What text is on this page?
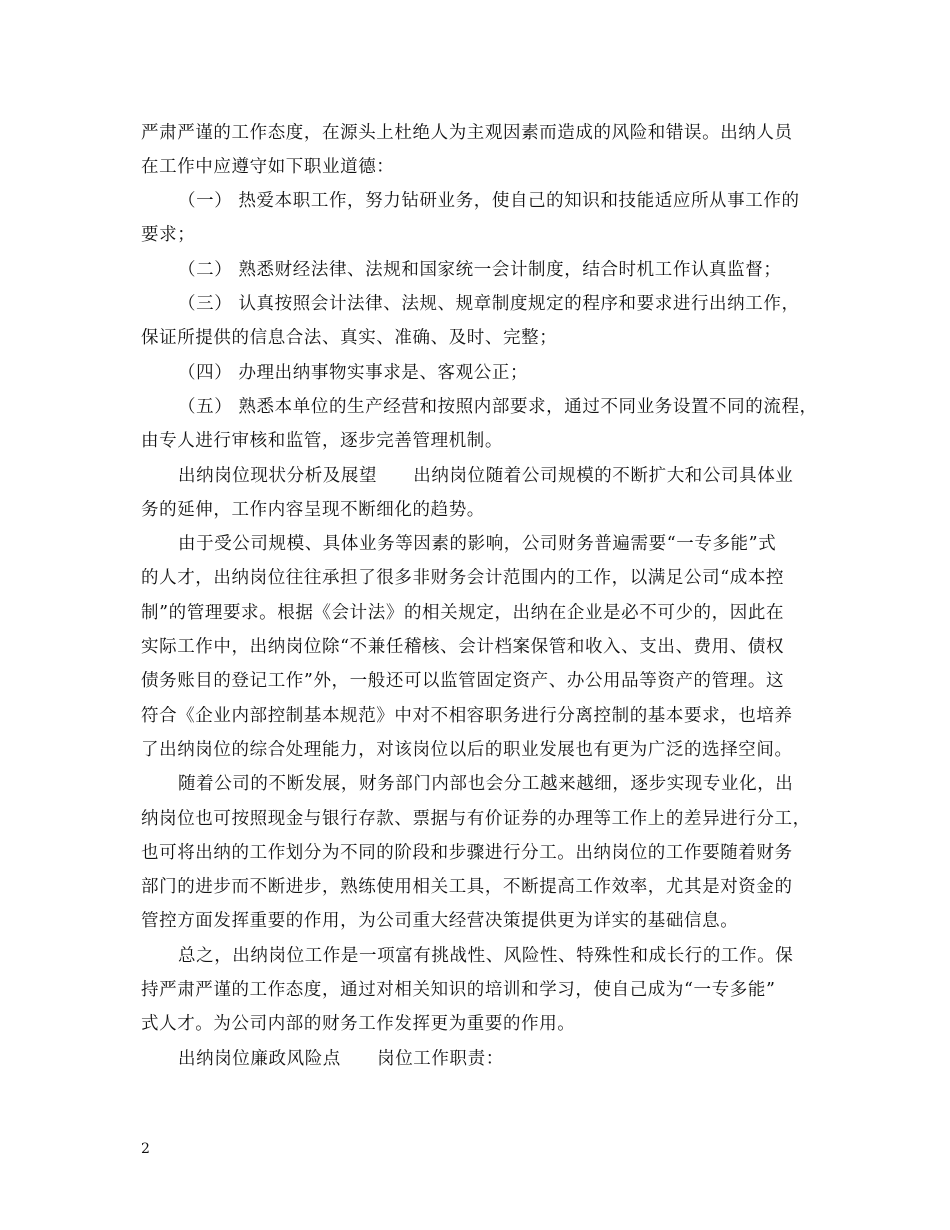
严肃严谨的工作态度，在源头上杜绝人为主观因素而造成的风险和错误。出纳人员
在工作中应遵守如下职业道德：
（一） 热爱本职工作，努力钻研业务，使自己的知识和技能适应所从事工作的
要求；
（二） 熟悉财经法律、法规和国家统一会计制度，结合时机工作认真监督；
（三） 认真按照会计法律、法规、规章制度规定的程序和要求进行出纳工作，
保证所提供的信息合法、真实、准确、及时、完整；
（四） 办理出纳事物实事求是、客观公正；
（五） 熟悉本单位的生产经营和按照内部要求，通过不同业务设置不同的流程，
由专人进行审核和监管，逐步完善管理机制。
出纳岗位现状分析及展望　　出纳岗位随着公司规模的不断扩大和公司具体业
务的延伸，工作内容呈现不断细化的趋势。
由于受公司规模、具体业务等因素的影响，公司财务普遍需要“一专多能”式
的人才，出纳岗位往往承担了很多非财务会计范围内的工作，以满足公司“成本控
制”的管理要求。根据《会计法》的相关规定，出纳在企业是必不可少的，因此在
实际工作中，出纳岗位除“不兼任稽核、会计档案保管和收入、支出、费用、债权
债务账目的登记工作”外，一般还可以监管固定资产、办公用品等资产的管理。这
符合《企业内部控制基本规范》中对不相容职务进行分离控制的基本要求，也培养
了出纳岗位的综合处理能力，对该岗位以后的职业发展也有更为广泛的选择空间。
随着公司的不断发展，财务部门内部也会分工越来越细，逐步实现专业化，出
纳岗位也可按照现金与银行存款、票据与有价证券的办理等工作上的差异进行分工，
也可将出纳的工作划分为不同的阶段和步骤进行分工。出纳岗位的工作要随着财务
部门的进步而不断进步，熟练使用相关工具，不断提高工作效率，尤其是对资金的
管控方面发挥重要的作用，为公司重大经营决策提供更为详实的基础信息。
总之，出纳岗位工作是一项富有挑战性、风险性、特殊性和成长行的工作。保
持严肃严谨的工作态度，通过对相关知识的培训和学习，使自己成为“一专多能”
式人才。为公司内部的财务工作发挥更为重要的作用。
出纳岗位廉政风险点　　岗位工作职责：
2
